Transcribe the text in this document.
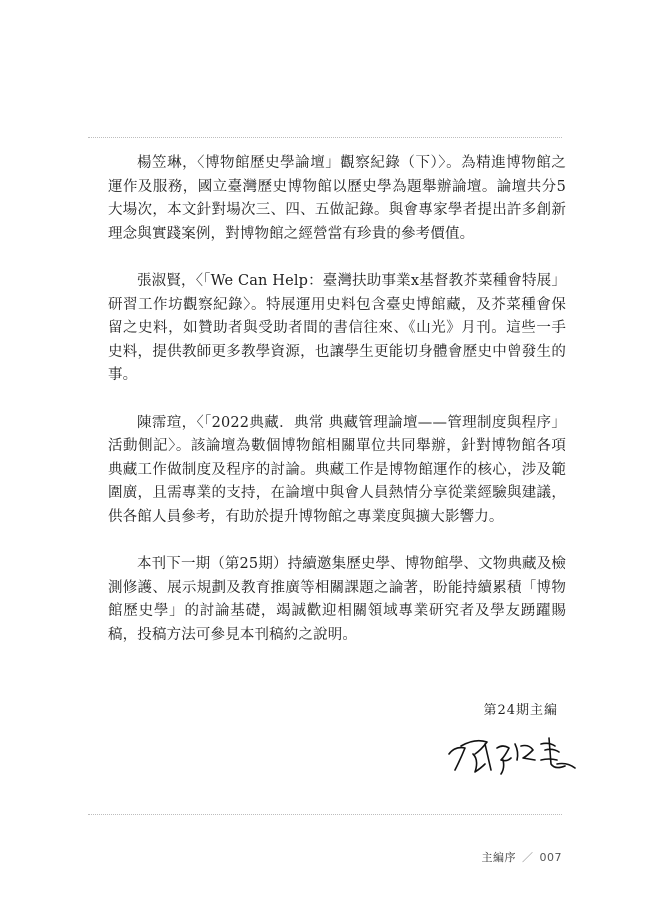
楊笠琳，〈博物館歷史學論壇」觀察紀錄（下）〉。為精進博物館之運作及服務，國立臺灣歷史博物館以歷史學為題舉辦論壇。論壇共分5大場次，本文針對場次三、四、五做記錄。與會專家學者提出許多創新理念與實踐案例，對博物館之經營當有珍貴的參考價值。

張淑賢，〈「We Can Help：臺灣扶助事業x基督教芥菜種會特展」研習工作坊觀察紀錄〉。特展運用史料包含臺史博館藏，及芥菜種會保留之史料，如贊助者與受助者間的書信往來、《山光》月刊。這些一手史料，提供教師更多教學資源，也讓學生更能切身體會歷史中曾發生的事。

陳霈瑄，〈「2022典藏．典常 典藏管理論壇——管理制度與程序」活動側記〉。該論壇為數個博物館相關單位共同舉辦，針對博物館各項典藏工作做制度及程序的討論。典藏工作是博物館運作的核心，涉及範圍廣，且需專業的支持，在論壇中與會人員熱情分享從業經驗與建議，供各館人員參考，有助於提升博物館之專業度與擴大影響力。

本刊下一期（第25期）持續邀集歷史學、博物館學、文物典藏及檢測修護、展示規劃及教育推廣等相關課題之論著，盼能持續累積「博物館歷史學」的討論基礎，竭誠歡迎相關領域專業研究者及學友踴躍賜稿，投稿方法可參見本刊稿約之說明。

第24期主編
主編序 ／ 007
